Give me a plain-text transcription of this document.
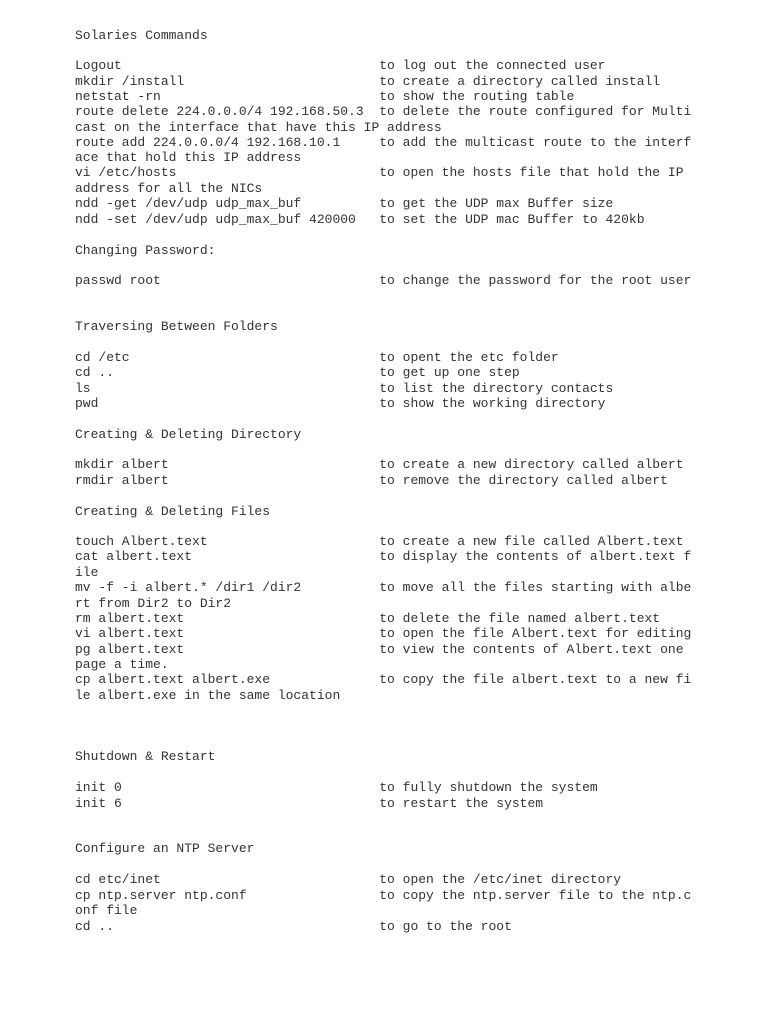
Solaries Commands
Logout                                 to log out the connected user
mkdir /install                         to create a directory called install
netstat -rn                            to show the routing table
route delete 224.0.0.0/4 192.168.50.3  to delete the route configured for Multi
cast on the interface that have this IP address
route add 224.0.0.0/4 192.168.10.1     to add the multicast route to the interf
ace that hold this IP address
vi /etc/hosts                          to open the hosts file that hold the IP
address for all the NICs
ndd -get /dev/udp udp_max_buf          to get the UDP max Buffer size
ndd -set /dev/udp udp_max_buf 420000   to set the UDP mac Buffer to 420kb
Changing Password:
passwd root                            to change the password for the root user
Traversing Between Folders
cd /etc                                to opent the etc folder
cd ..                                  to get up one step
ls                                     to list the directory contacts
pwd                                    to show the working directory
Creating & Deleting Directory
mkdir albert                           to create a new directory called albert
rmdir albert                           to remove the directory called albert
Creating & Deleting Files
touch Albert.text                      to create a new file called Albert.text
cat albert.text                        to display the contents of albert.text f
ile
mv -f -i albert.* /dir1 /dir2          to move all the files starting with albe
rt from Dir2 to Dir2
rm albert.text                         to delete the file named albert.text
vi albert.text                         to open the file Albert.text for editing
pg albert.text                         to view the contents of Albert.text one
page a time.
cp albert.text albert.exe              to copy the file albert.text to a new fi
le albert.exe in the same location
Shutdown & Restart
init 0                                 to fully shutdown the system
init 6                                 to restart the system
Configure an NTP Server
cd etc/inet                            to open the /etc/inet directory
cp ntp.server ntp.conf                 to copy the ntp.server file to the ntp.c
onf file
cd ..                                  to go to the root
